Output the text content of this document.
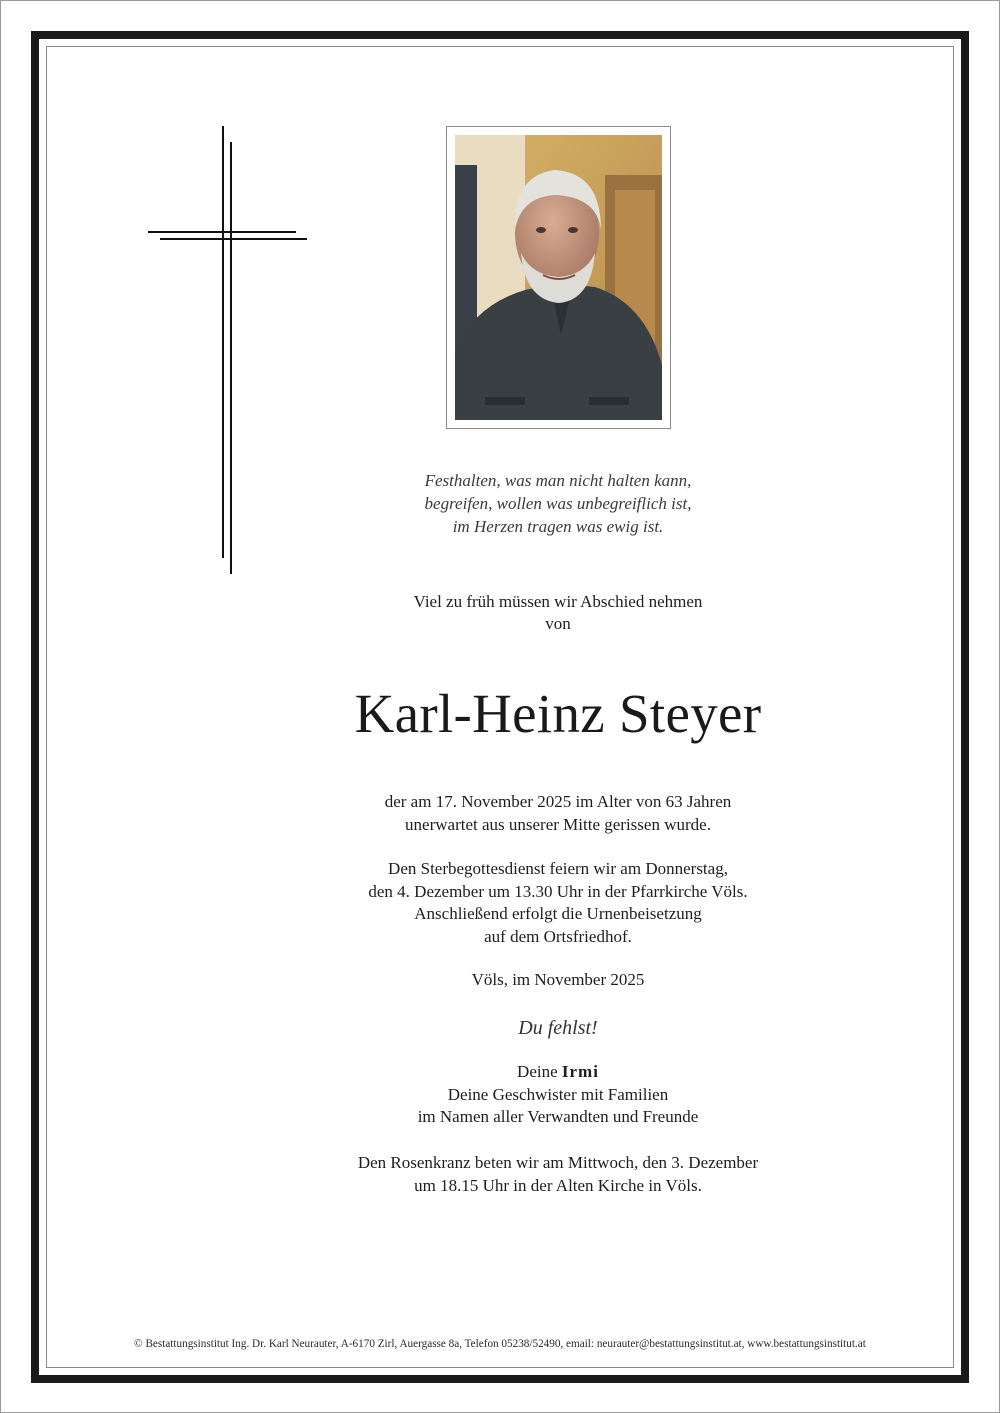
Festhalten, was man nicht halten kann,
begreifen, wollen was unbegreiflich ist,
im Herzen tragen was ewig ist.
Viel zu früh müssen wir Abschied nehmen
von
Karl-Heinz Steyer
der am 17. November 2025 im Alter von 63 Jahren
unerwartet aus unserer Mitte gerissen wurde.
Den Sterbegottesdienst feiern wir am Donnerstag,
den 4. Dezember um 13.30 Uhr in der Pfarrkirche Völs.
Anschließend erfolgt die Urnenbeisetzung
auf dem Ortsfriedhof.
Völs, im November 2025
Du fehlst!
Deine Irmi
Deine Geschwister mit Familien
im Namen aller Verwandten und Freunde
Den Rosenkranz beten wir am Mittwoch, den 3. Dezember
um 18.15 Uhr in der Alten Kirche in Völs.
© Bestattungsinstitut Ing. Dr. Karl Neurauter, A-6170 Zirl, Auergasse 8a, Telefon 05238/52490, email: neurauter@bestattungsinstitut.at, www.bestattungsinstitut.at
